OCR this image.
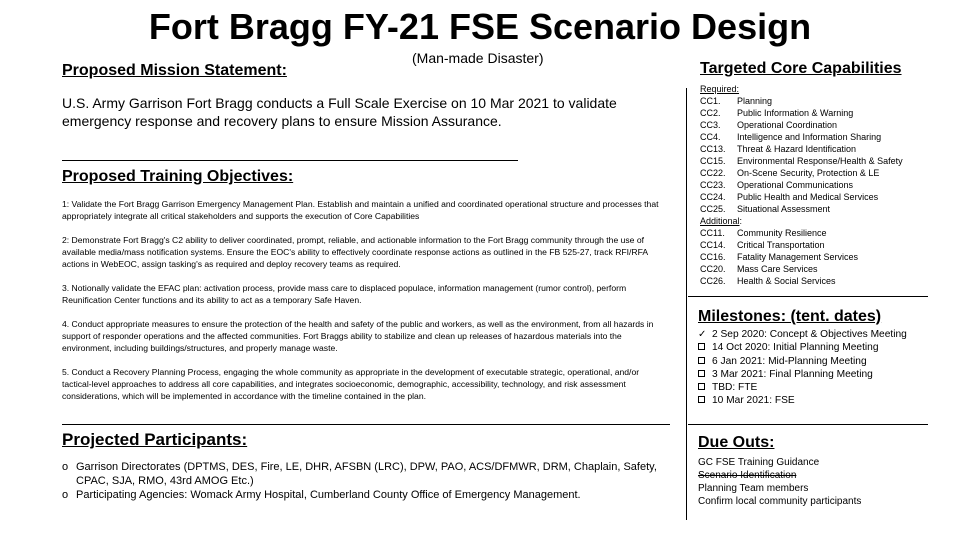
Fort Bragg FY-21 FSE Scenario Design
(Man-made Disaster)
Proposed Mission Statement:
U.S. Army Garrison Fort Bragg conducts a Full Scale Exercise on 10 Mar 2021 to validate emergency response and recovery plans to ensure Mission Assurance.
Proposed Training Objectives:
1: Validate the Fort Bragg Garrison Emergency Management Plan. Establish and maintain a unified and coordinated operational structure and processes that appropriately integrate all critical stakeholders and supports the execution of Core Capabilities
2: Demonstrate Fort Bragg's C2 ability to deliver coordinated, prompt, reliable, and actionable information to the Fort Bragg community through the use of available media/mass notification systems. Ensure the EOC's ability to effectively coordinate response actions as outlined in the FB 525-27, track RFI/RFA actions in WebEOC, assign tasking's as required and deploy recovery teams as required.
3. Notionally validate the EFAC plan: activation process, provide mass care to displaced populace, information management (rumor control), perform Reunification Center functions and its ability to act as a temporary Safe Haven.
4. Conduct appropriate measures to ensure the protection of the health and safety of the public and workers, as well as the environment, from all hazards in support of responder operations and the affected communities. Fort Braggs ability to stabilize and clean up releases of hazardous materials into the environment, including buildings/structures, and properly manage waste.
5. Conduct a Recovery Planning Process, engaging the whole community as appropriate in the development of executable strategic, operational, and/or tactical-level approaches to address all core capabilities, and integrates socioeconomic, demographic, accessibility, technology, and risk assessment considerations, which will be implemented in accordance with the timeline contained in the plan.
Projected Participants:
o Garrison Directorates (DPTMS, DES, Fire, LE, DHR, AFSBN (LRC), DPW, PAO, ACS/DFMWR, DRM, Chaplain, Safety, CPAC, SJA, RMO, 43rd AMOG Etc.)
o Participating Agencies: Womack Army Hospital, Cumberland County Office of Emergency Management.
Targeted Core Capabilities
Required:
CC1.	Planning
CC2.	Public Information & Warning
CC3.	Operational Coordination
CC4.	Intelligence and Information Sharing
CC13.	Threat & Hazard Identification
CC15.	Environmental Response/Health & Safety
CC22.	On-Scene Security, Protection & LE
CC23.	Operational Communications
CC24.	Public Health and Medical Services
CC25.	Situational Assessment
Additional:
CC11.	Community Resilience
CC14.	Critical Transportation
CC16.	Fatality Management Services
CC20.	Mass Care Services
CC26.	Health & Social Services
Milestones: (tent. dates)
✓ 2 Sep 2020: Concept & Objectives Meeting
14 Oct 2020: Initial Planning Meeting
6 Jan 2021: Mid-Planning Meeting
3 Mar 2021: Final Planning Meeting
TBD: FTE
10 Mar 2021: FSE
Due Outs:
GC FSE Training Guidance
Scenario Identification
Planning Team members
Confirm local community participants
